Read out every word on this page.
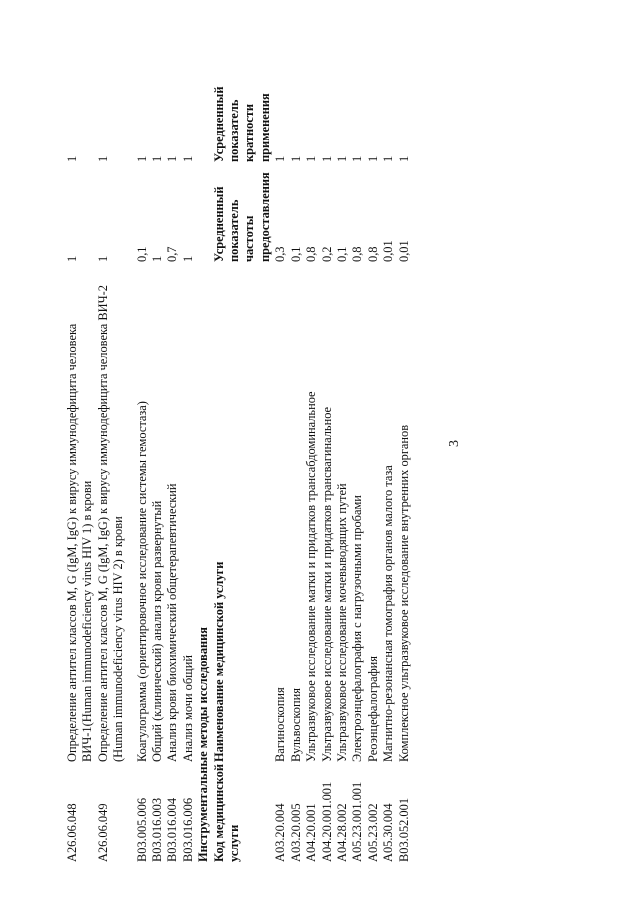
A26.06.048	Определение антител классов M, G (IgM, IgG) к вирусу иммунодефицита человека ВИЧ-1(Human immunodeficiency virus HIV 1) в крови	1	1
A26.06.049	Определение антител классов M, G (IgM, IgG) к вирусу иммунодефицита человека ВИЧ-2 (Human immunodeficiency virus HIV 2) в крови	1	1

B03.005.006	Коагулограмма (ориентировочное исследование системы гемостаза)	0,1	1
B03.016.003	Общий (клинический) анализ крови развернутый	1	1
B03.016.004	Анализ крови биохимический общетерапевтический	0,7	1
B03.016.006	Анализ мочи общий	1	1
Инструментальные методы исследования			
Код медицинской услуги	Наименование медицинской услуги	Усредненный показатель частоты предоставления	Усредненный показатель кратности применения
A03.20.004	Вагиноскопия	0,3	1
A03.20.005	Вульвоскопия	0,1	1
A04.20.001	Ультразвуковое исследование матки и придатков трансабдоминальное	0,8	1
A04.20.001.001	Ультразвуковое исследование матки и придатков трансвагинальное	0,2	1
A04.28.002	Ультразвуковое исследование мочевыводящих путей	0,1	1
A05.23.001.001	Электроэнцефалография с нагрузочными пробами	0,8	1
A05.23.002	Реоэнцефалография	0,8	1
A05.30.004	Магнитно-резонансная томография органов малого таза	0,01	1
B03.052.001	Комплексное ультразвуковое исследование внутренних органов	0,01	1
3
